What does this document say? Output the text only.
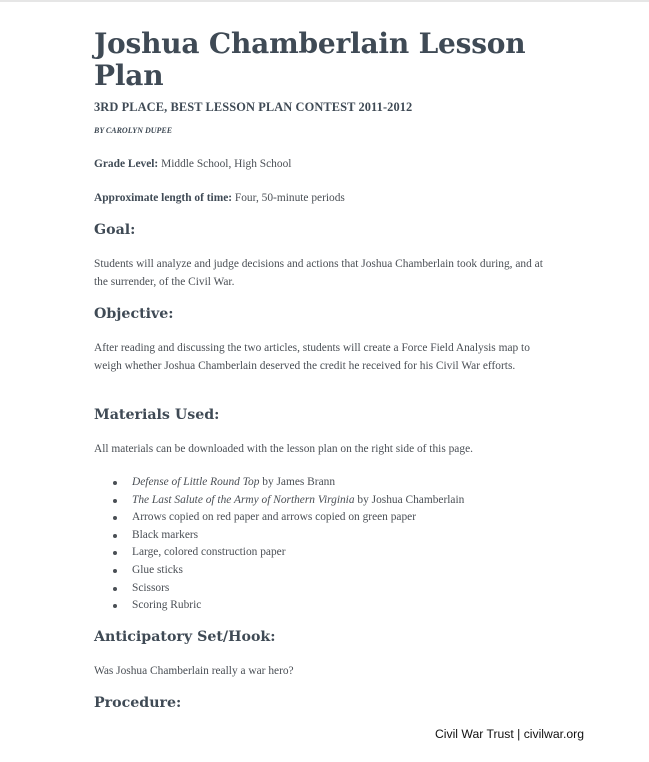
Joshua Chamberlain Lesson Plan
3RD PLACE, BEST LESSON PLAN CONTEST 2011-2012

BY CAROLYN DUPEE

Grade Level: Middle School, High School

Approximate length of time: Four, 50-minute periods

Goal:

Students will analyze and judge decisions and actions that Joshua Chamberlain took during, and at the surrender, of the Civil War.

Objective:

After reading and discussing the two articles, students will create a Force Field Analysis map to weigh whether Joshua Chamberlain deserved the credit he received for his Civil War efforts.

Materials Used:

All materials can be downloaded with the lesson plan on the right side of this page.

Defense of Little Round Top by James Brann
The Last Salute of the Army of Northern Virginia by Joshua Chamberlain
Arrows copied on red paper and arrows copied on green paper
Black markers
Large, colored construction paper
Glue sticks
Scissors
Scoring Rubric
Anticipatory Set/Hook:

Was Joshua Chamberlain really a war hero?

Procedure:

Civil War Trust | civilwar.org
